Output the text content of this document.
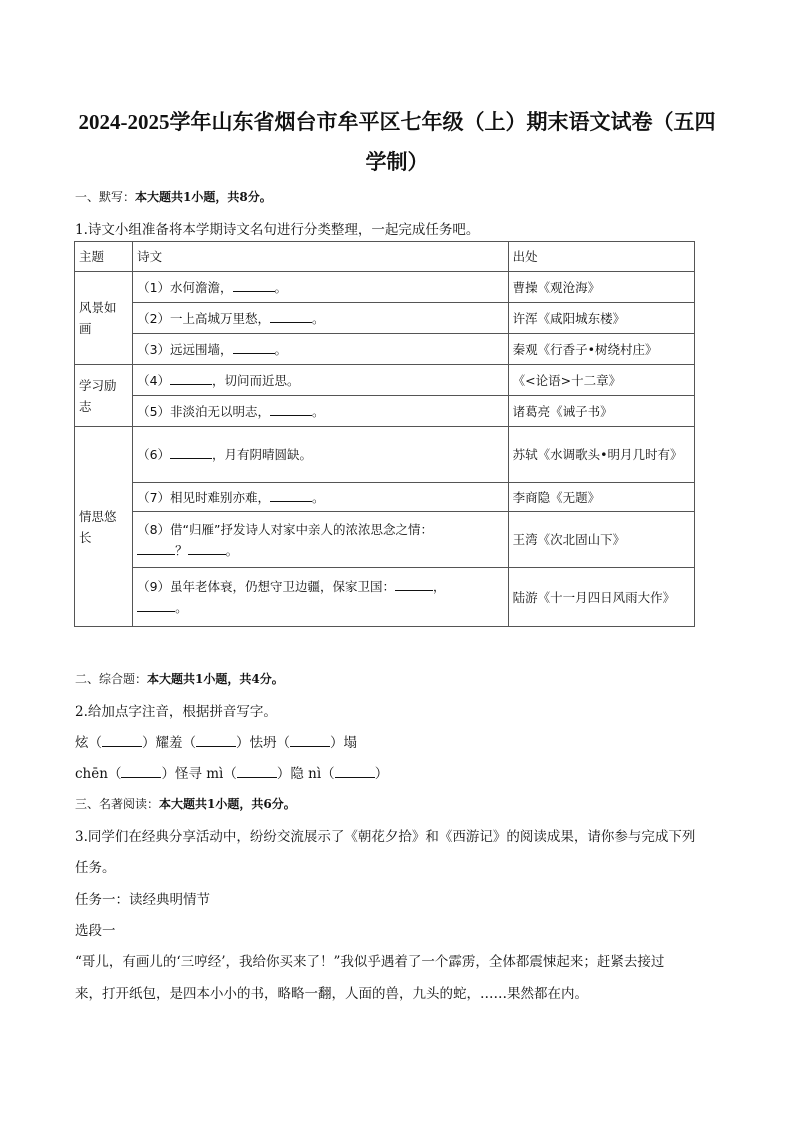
2024-2025学年山东省烟台市牟平区七年级（上）期末语文试卷（五四学制）
一、默写：本大题共1小题，共8分。
1.诗文小组准备将本学期诗文名句进行分类整理，一起完成任务吧。
主题	诗文	出处
风景如画	（1）水何澹澹， 。	曹操《观沧海》
	（2）一上高城万里愁， 。	许浑《咸阳城东楼》
	（3）远远围墙， 。	秦观《行香子•树绕村庄》
学习励志	（4） ，切问而近思。	《<论语>十二章》
	（5）非淡泊无以明志， 。	诸葛亮《诫子书》
情思悠长	（6） ，月有阴晴圆缺。	苏轼《水调歌头•明月几时有》
	（7）相见时难别亦难， 。	李商隐《无题》
	（8）借“归雁”抒发诗人对家中亲人的浓浓思念之情：
？ 。	王湾《次北固山下》
	（9）虽年老体衰，仍想守卫边疆，保家卫国： ，
。	陆游《十一月四日风雨大作》
二、综合题：本大题共1小题，共4分。
2.给加点字注音，根据拼音写字。
炫（	）耀羞（	）怯坍（	）塌
chēn（	）怪寻 mì（	）隐 nì（	）
三、名著阅读：本大题共1小题，共6分。
3.同学们在经典分享活动中，纷纷交流展示了《朝花夕拾》和《西游记》的阅读成果，请你参与完成下列
任务。
任务一：读经典明情节
选段一
“哥儿，有画儿的‘三哼经’，我给你买来了！”我似乎遇着了一个霹雳，全体都震悚起来；赶紧去接过
来，打开纸包，是四本小小的书，略略一翻，人面的兽，九头的蛇，……果然都在内。
